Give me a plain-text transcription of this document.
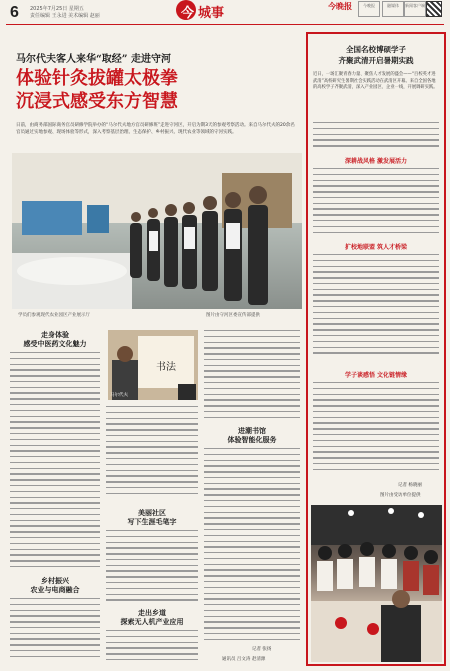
6 2025年7月25日 星期五
责任编辑 王永进 美术编辑 赵丽	今 城事	今晚报	今晚报	融媒体	新闻客户端
马尔代夫客人来华“取经” 走进守河
体验针灸拔罐太极拳
沉浸式感受东方智慧
日前，由商务部国际商务官员研修学院举办的“马尔代夫地方官员研修班”走进守河区，开启为期3天的参观考察活动。来自马尔代夫的20余名官员通过实地参观、现场体验等形式，深入考察基层治理、生态保护、乡村振兴、现代农业等领域的守河实践。
学员们参观现代农业园区产业展示厅	图片由守河区委宣传部提供
走身体验
感受中医药文化魅力
乡村振兴
农业与电商融合
书法
马尔代夫
美丽社区
写下生涯毛笔字
走出乡道
探索无人机产业应用
进潮书馆
体验智能化服务
记者 张扬
通讯员 吕文涛 赵清源
全国名校博硕学子
齐聚武清开启暑期实践
近日，一场汇聚青春力量、聚焦人才发展的盛会——“百校英才进武清”高校研究生暑期社会实践活动在武清区开幕。来自全国各地的高校学子齐聚武清，深入产业园区、企业一线，开展调研实践。
深耕战风格 激发展活力
扩校地联盟 筑人才桥梁
学子谈感悟 文化链情缘
记者 杨晓丽
图片由受访单位提供
